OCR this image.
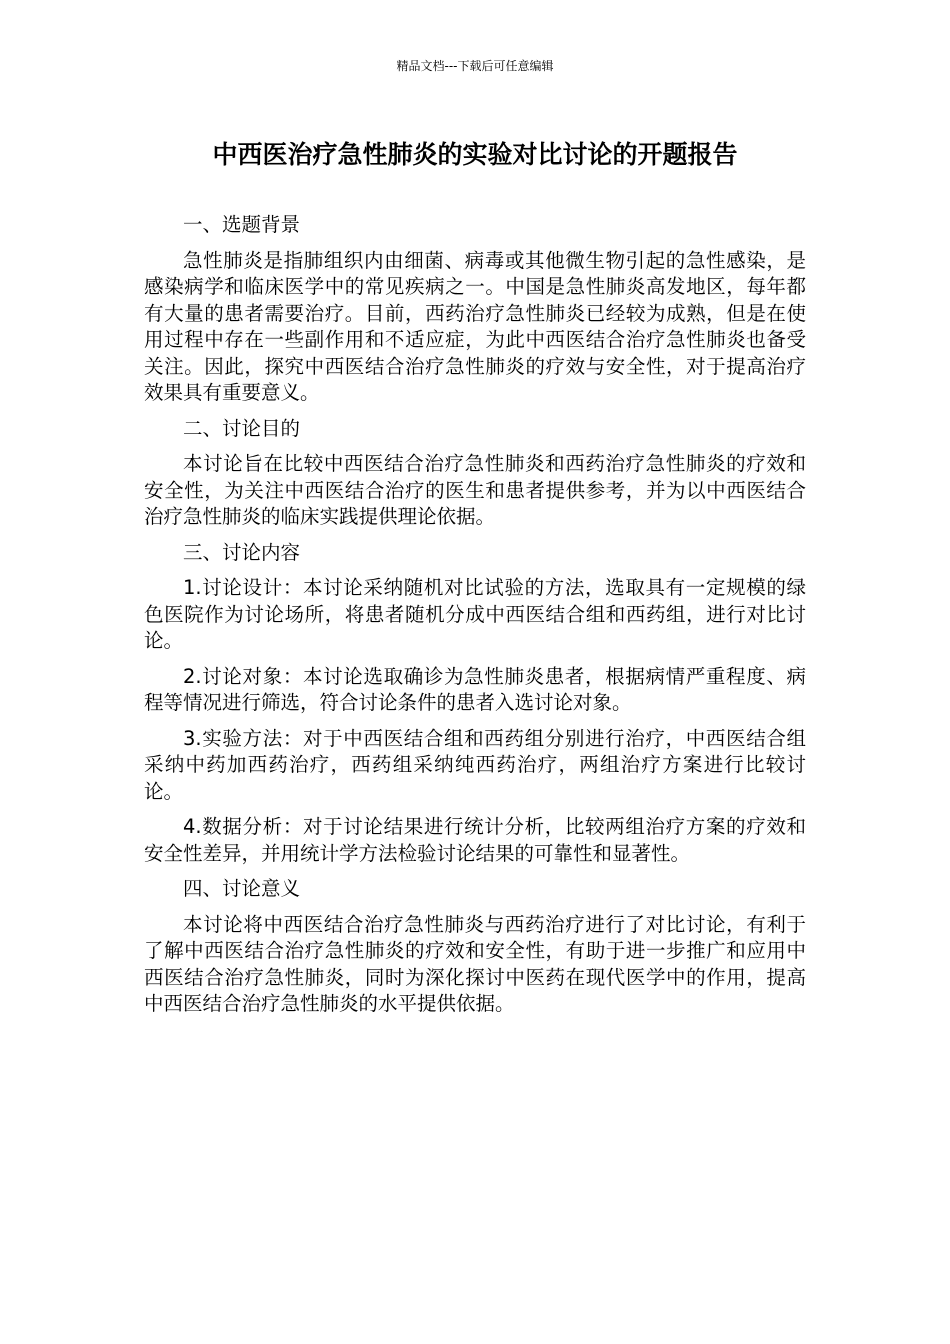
精品文档---下载后可任意编辑
中西医治疗急性肺炎的实验对比讨论的开题报告

一、选题背景

急性肺炎是指肺组织内由细菌、病毒或其他微生物引起的急性感染，是感染病学和临床医学中的常见疾病之一。中国是急性肺炎高发地区，每年都有大量的患者需要治疗。目前，西药治疗急性肺炎已经较为成熟，但是在使用过程中存在一些副作用和不适应症，为此中西医结合治疗急性肺炎也备受关注。因此，探究中西医结合治疗急性肺炎的疗效与安全性，对于提高治疗效果具有重要意义。

二、讨论目的

本讨论旨在比较中西医结合治疗急性肺炎和西药治疗急性肺炎的疗效和安全性，为关注中西医结合治疗的医生和患者提供参考，并为以中西医结合治疗急性肺炎的临床实践提供理论依据。

三、讨论内容

1.讨论设计：本讨论采纳随机对比试验的方法，选取具有一定规模的绿色医院作为讨论场所，将患者随机分成中西医结合组和西药组，进行对比讨论。

2.讨论对象：本讨论选取确诊为急性肺炎患者，根据病情严重程度、病程等情况进行筛选，符合讨论条件的患者入选讨论对象。

3.实验方法：对于中西医结合组和西药组分别进行治疗，中西医结合组采纳中药加西药治疗，西药组采纳纯西药治疗，两组治疗方案进行比较讨论。

4.数据分析：对于讨论结果进行统计分析，比较两组治疗方案的疗效和安全性差异，并用统计学方法检验讨论结果的可靠性和显著性。

四、讨论意义

本讨论将中西医结合治疗急性肺炎与西药治疗进行了对比讨论，有利于了解中西医结合治疗急性肺炎的疗效和安全性，有助于进一步推广和应用中西医结合治疗急性肺炎，同时为深化探讨中医药在现代医学中的作用，提高中西医结合治疗急性肺炎的水平提供依据。
